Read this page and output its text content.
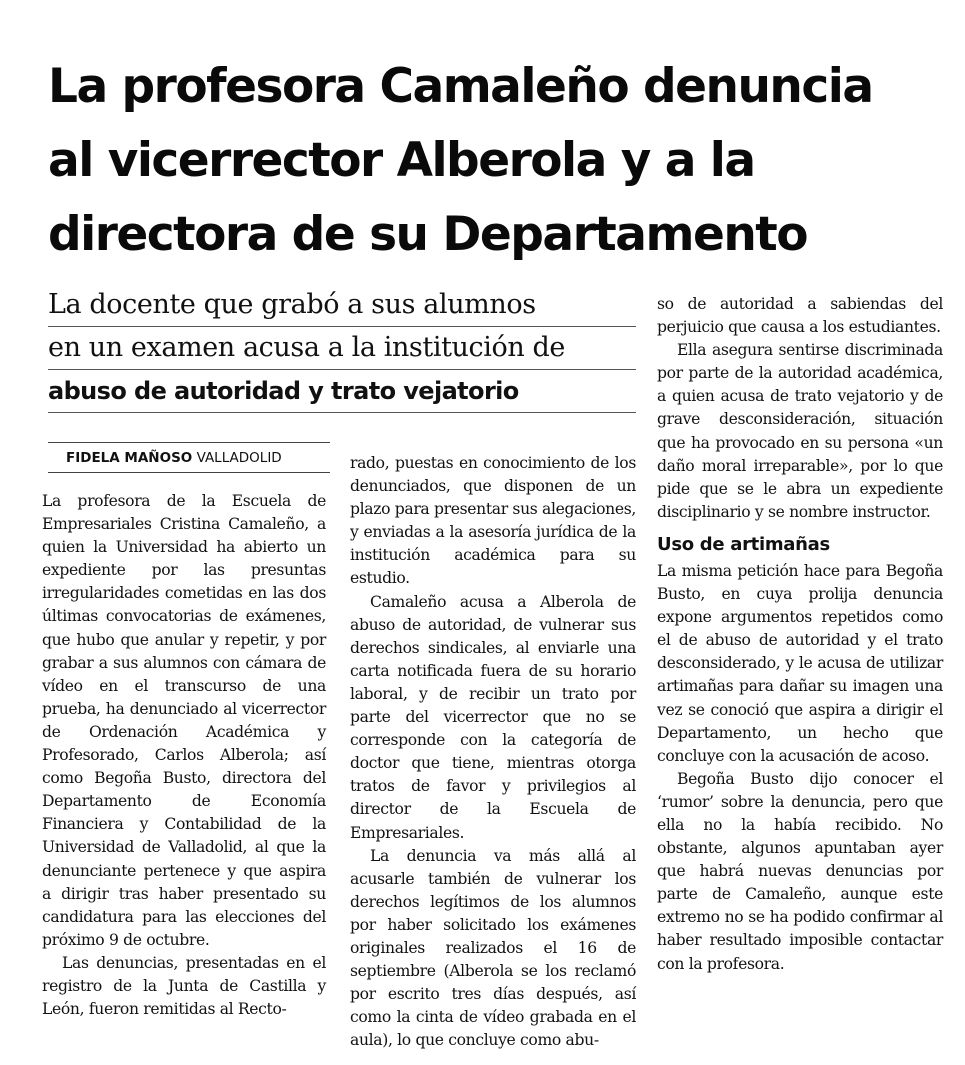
La profesora Camaleño denuncia
al vicerrector Alberola y a la
directora de su Departamento
La docente que grabó a sus alumnos
en un examen acusa a la institución de
abuso de autoridad y trato vejatorio
FIDELA MAÑOSO VALLADOLID

La profesora de la Escuela de Empresariales Cristina Camaleño, a quien la Universidad ha abierto un expediente por las presuntas irregularidades cometidas en las dos últimas convocatorias de exámenes, que hubo que anular y repetir, y por grabar a sus alumnos con cámara de vídeo en el transcurso de una prueba, ha denunciado al vicerrector de Ordenación Académica y Profesorado, Carlos Alberola; así como Begoña Busto, directora del Departamento de Economía Financiera y Contabilidad de la Universidad de Valladolid, al que la denunciante pertenece y que aspira a dirigir tras haber presentado su candidatura para las elecciones del próximo 9 de octubre.

Las denuncias, presentadas en el registro de la Junta de Castilla y León, fueron remitidas al Recto-

rado, puestas en conocimiento de los denunciados, que disponen de un plazo para presentar sus alegaciones, y enviadas a la asesoría jurídica de la institución académica para su estudio.

Camaleño acusa a Alberola de abuso de autoridad, de vulnerar sus derechos sindicales, al enviarle una carta notificada fuera de su horario laboral, y de recibir un trato por parte del vicerrector que no se corresponde con la categoría de doctor que tiene, mientras otorga tratos de favor y privilegios al director de la Escuela de Empresariales.

La denuncia va más allá al acusarle también de vulnerar los derechos legítimos de los alumnos por haber solicitado los exámenes originales realizados el 16 de septiembre (Alberola se los reclamó por escrito tres días después, así como la cinta de vídeo grabada en el aula), lo que concluye como abu-

so de autoridad a sabiendas del perjuicio que causa a los estudiantes.

Ella asegura sentirse discriminada por parte de la autoridad académica, a quien acusa de trato vejatorio y de grave desconsideración, situación que ha provocado en su persona «un daño moral irreparable», por lo que pide que se le abra un expediente disciplinario y se nombre instructor.

Uso de artimañas

La misma petición hace para Begoña Busto, en cuya prolija denuncia expone argumentos repetidos como el de abuso de autoridad y el trato desconsiderado, y le acusa de utilizar artimañas para dañar su imagen una vez se conoció que aspira a dirigir el Departamento, un hecho que concluye con la acusación de acoso.

Begoña Busto dijo conocer el ‘rumor’ sobre la denuncia, pero que ella no la había recibido. No obstante, algunos apuntaban ayer que habrá nuevas denuncias por parte de Camaleño, aunque este extremo no se ha podido confirmar al haber resultado imposible contactar con la profesora.
